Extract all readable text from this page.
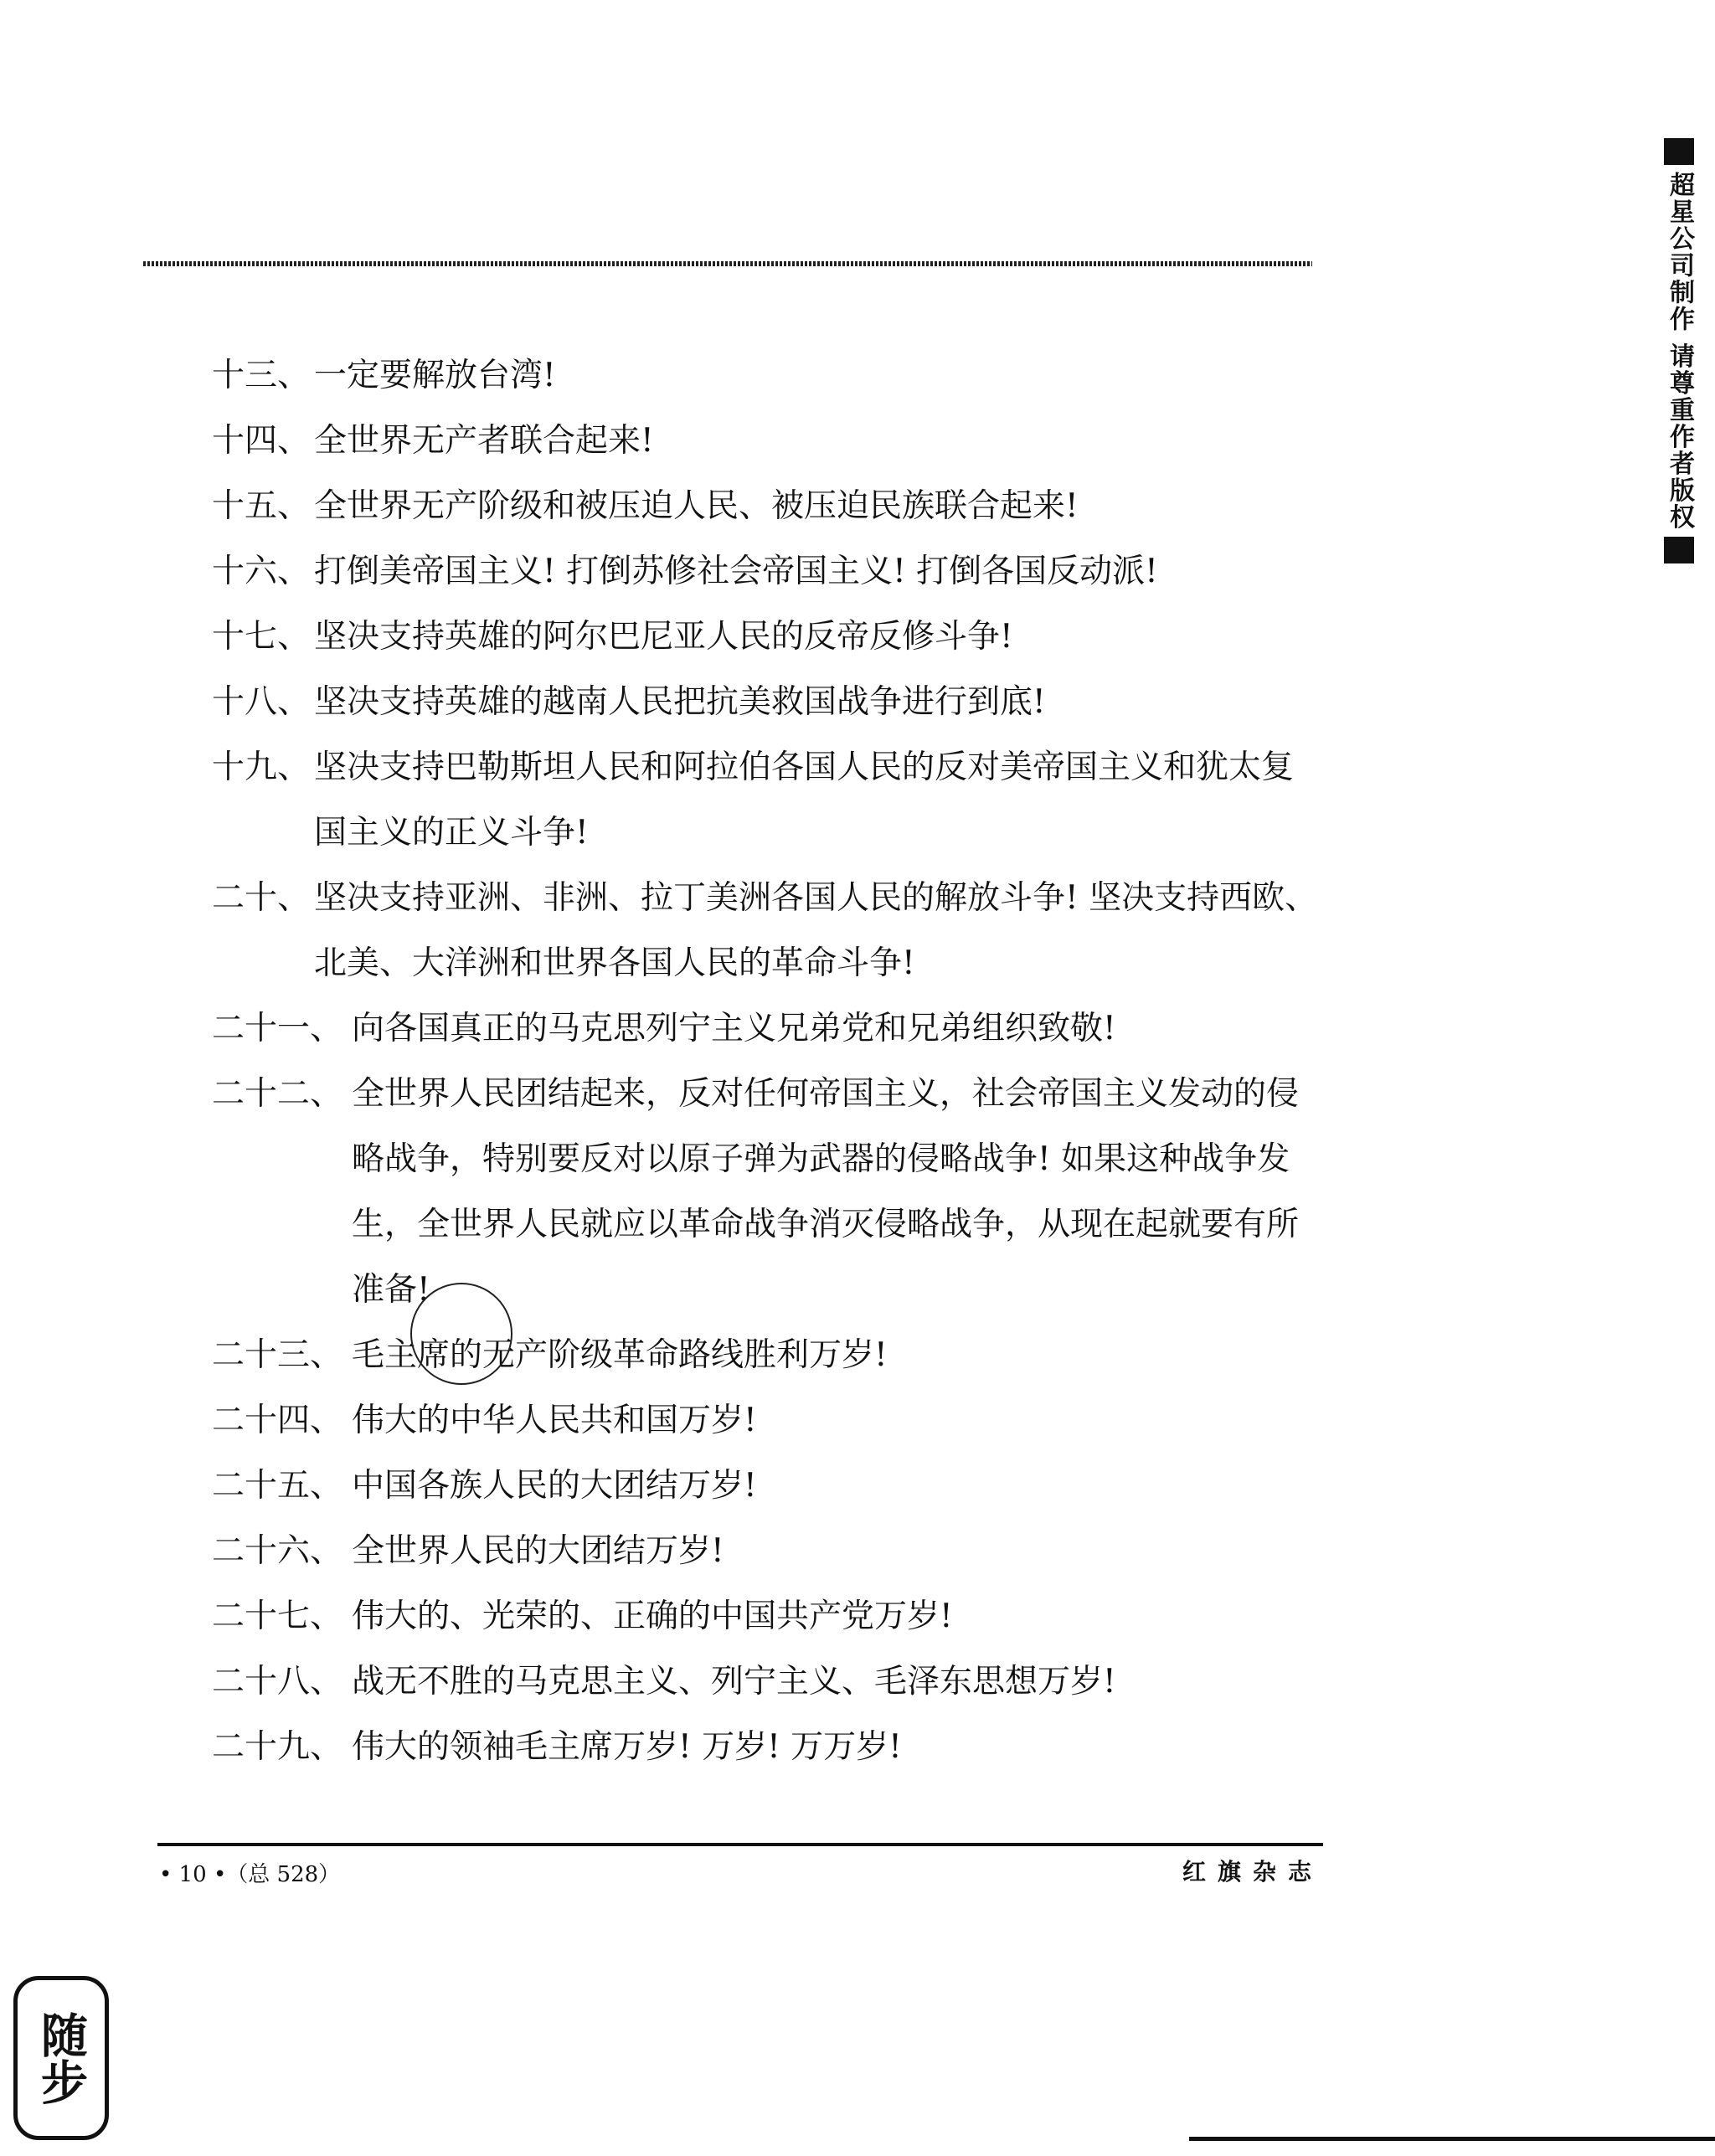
十三、 一定要解放台湾!
十四、 全世界无产者联合起来!
十五、 全世界无产阶级和被压迫人民、被压迫民族联合起来!
十六、 打倒美帝国主义! 打倒苏修社会帝国主义! 打倒各国反动派!
十七、 坚决支持英雄的阿尔巴尼亚人民的反帝反修斗争!
十八、 坚决支持英雄的越南人民把抗美救国战争进行到底!
十九、 坚决支持巴勒斯坦人民和阿拉伯各国人民的反对美帝国主义和犹太复国主义的正义斗争!
二十、 坚决支持亚洲、非洲、拉丁美洲各国人民的解放斗争! 坚决支持西欧、北美、大洋洲和世界各国人民的革命斗争!
二十一、 向各国真正的马克思列宁主义兄弟党和兄弟组织致敬!
二十二、 全世界人民团结起来，反对任何帝国主义，社会帝国主义发动的侵略战争，特别要反对以原子弹为武器的侵略战争! 如果这种战争发生，全世界人民就应以革命战争消灭侵略战争，从现在起就要有所准备!
二十三、 毛主席的无产阶级革命路线胜利万岁!
二十四、 伟大的中华人民共和国万岁!
二十五、 中国各族人民的大团结万岁!
二十六、 全世界人民的大团结万岁!
二十七、 伟大的、光荣的、正确的中国共产党万岁!
二十八、 战无不胜的马克思主义、列宁主义、毛泽东思想万岁!
二十九、 伟大的领袖毛主席万岁! 万岁! 万万岁!
• 10 •（总 528）	红旗杂志
超星公司制作 请尊重作者版权
随步
